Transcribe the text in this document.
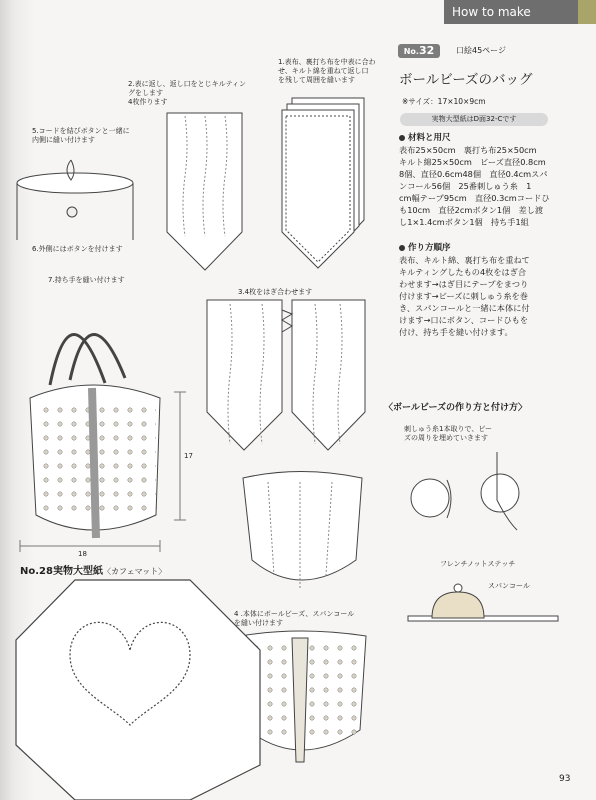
How to make
1.表布、裏打ち布を中表に合わ
せ、キルト綿を重ねて返し口
を残して周囲を縫います
2.表に返し、返し口をとじキルティン
グをします
4枚作ります
3.4枚をはぎ合わせます
4 .本体にボールビーズ、スパンコール
を縫い付けます
5.コードを結びボタンと一緒に
内側に縫い付けます
6.外側にはボタンを付けます
7.持ち手を縫い付けます
17
18
No.32	口絵45ページ
ボールビーズのバッグ
※サイズ：17×10×9cm
実物大型紙はD面32-Cです
材料と用尺
表布25×50cm　裏打ち布25×50cm
キルト綿25×50cm　ビーズ直径0.8cm
8個、直径0.6cm48個　直径0.4cmスパ
ンコール56個　25番刺しゅう糸　1
cm幅テープ95cm　直径0.3cmコードひ
も10cm　直径2cmボタン1個　差し渡
し1×1.4cmボタン1個　持ち手1組
作り方順序
表布、キルト綿、裏打ち布を重ねて
キルティングしたもの4枚をはぎ合
わせます→はぎ目にテープをまつり
付けます→ビーズに刺しゅう糸を巻
き、スパンコールと一緒に本体に付
けます→口にボタン、コードひもを
付け、持ち手を縫い付けます。
〈ボールビーズの作り方と付け方〉
刺しゅう糸1本取りで、ビー
ズの周りを埋めていきます
フレンチノットステッチ
スパンコール
No.28実物大型紙〈カフェマット〉
93
